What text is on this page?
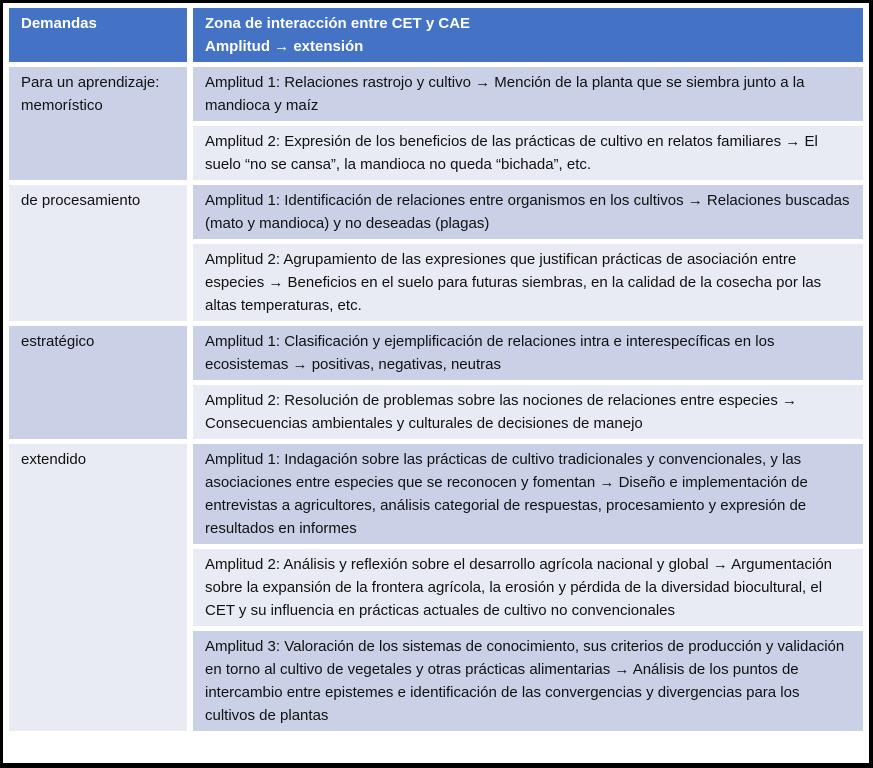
Demandas	Zona de interacción entre CET y CAE
Amplitud → extensión

Para un aprendizaje: memorístico	Amplitud 1: Relaciones rastrojo y cultivo → Mención de la planta que se siembra junto a la mandioca y maíz
	Amplitud 2: Expresión de los beneficios de las prácticas de cultivo en relatos familiares → El suelo “no se cansa”, la mandioca no queda “bichada”, etc.
de procesamiento	Amplitud 1: Identificación de relaciones entre organismos en los cultivos → Relaciones buscadas (mato y mandioca) y no deseadas (plagas)
	Amplitud 2: Agrupamiento de las expresiones que justifican prácticas de asociación entre especies → Beneficios en el suelo para futuras siembras, en la calidad de la cosecha por las altas temperaturas, etc.
estratégico	Amplitud 1: Clasificación y ejemplificación de relaciones intra e interespecíficas en los ecosistemas → positivas, negativas, neutras
	Amplitud 2: Resolución de problemas sobre las nociones de relaciones entre especies → Consecuencias ambientales y culturales de decisiones de manejo
extendido	Amplitud 1: Indagación sobre las prácticas de cultivo tradicionales y convencionales, y las asociaciones entre especies que se reconocen y fomentan → Diseño e implementación de entrevistas a agricultores, análisis categorial de respuestas, procesamiento y expresión de resultados en informes
	Amplitud 2: Análisis y reflexión sobre el desarrollo agrícola nacional y global → Argumentación sobre la expansión de la frontera agrícola, la erosión y pérdida de la diversidad biocultural, el CET y su influencia en prácticas actuales de cultivo no convencionales
	Amplitud 3: Valoración de los sistemas de conocimiento, sus criterios de producción y validación en torno al cultivo de vegetales y otras prácticas alimentarias → Análisis de los puntos de intercambio entre epistemes e identificación de las convergencias y divergencias para los cultivos de plantas
